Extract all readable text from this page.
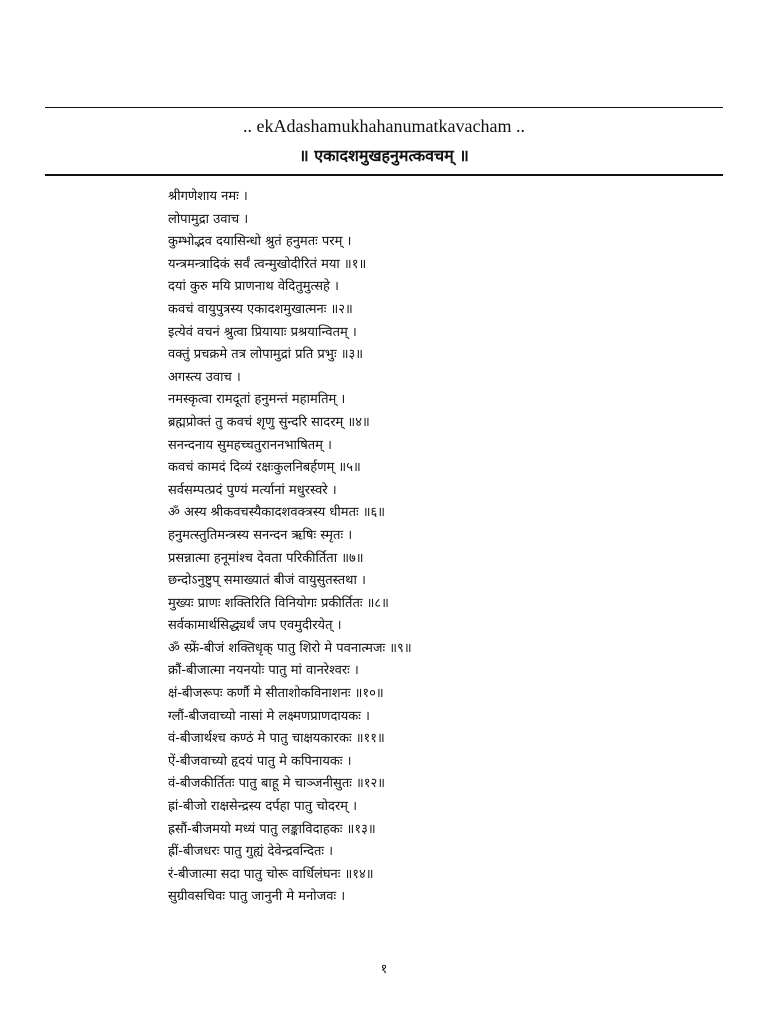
.. ekAdashamukhahanumatkavacham ..
॥ एकादशमुखहनुमत्कवचम् ॥
श्रीगणेशाय नमः ।
लोपामुद्रा उवाच ।
कुम्भोद्भव दयासिन्धो श्रुतं हनुमतः परम् ।
यन्त्रमन्त्रादिकं सर्वं त्वन्मुखोदीरितं मया ॥१॥
दयां कुरु मयि प्राणनाथ वेदितुमुत्सहे ।
कवचं वायुपुत्रस्य एकादशमुखात्मनः ॥२॥
इत्येवं वचनं श्रुत्वा प्रियायाः प्रश्रयान्वितम् ।
वक्तुं प्रचक्रमे तत्र लोपामुद्रां प्रति प्रभुः ॥३॥
अगस्त्य उवाच ।
नमस्कृत्वा रामदूतां हनुमन्तं महामतिम् ।
ब्रह्मप्रोक्तं तु कवचं श‍ृणु सुन्दरि सादरम् ॥४॥
सनन्दनाय सुमहच्चतुराननभाषितम् ।
कवचं कामदं दिव्यं रक्षःकुलनिबर्हणम् ॥५॥
सर्वसम्पत्प्रदं पुण्यं मर्त्यानां मधुरस्वरे ।
ॐ अस्य श्रीकवचस्यैकादशवक्त्रस्य धीमतः ॥६॥
हनुमत्स्तुतिमन्त्रस्य सनन्दन ऋषिः स्मृतः ।
प्रसन्नात्मा हनूमांश्च देवता परिकीर्तिता ॥७॥
छन्दोऽनुष्टुप् समाख्यातं बीजं वायुसुतस्तथा ।
मुख्यः प्राणः शक्तिरिति विनियोगः प्रकीर्तितः ॥८॥
सर्वकामार्थसिद्ध्यर्थं जप एवमुदीरयेत् ।
ॐ स्फ्रें-बीजं शक्तिधृक् पातु शिरो मे पवनात्मजः ॥९॥
क्रौं-बीजात्मा नयनयोः पातु मां वानरेश्वरः ।
क्षं-बीजरूपः कर्णौ मे सीताशोकविनाशनः ॥१०॥
ग्लौं-बीजवाच्यो नासां मे लक्ष्मणप्राणदायकः ।
वं-बीजार्थश्च कण्ठं मे पातु चाक्षयकारकः ॥११॥
ऐं-बीजवाच्यो हृदयं पातु मे कपिनायकः ।
वं-बीजकीर्तितः पातु बाहू मे चाञ्जनीसुतः ॥१२॥
ह्रां-बीजो राक्षसेन्द्रस्य दर्पहा पातु चोदरम् ।
ह्रसौं-बीजमयो मध्यं पातु लङ्काविदाहकः ॥१३॥
ह्रीं-बीजधरः पातु गुह्यं देवेन्द्रवन्दितः ।
रं-बीजात्मा सदा पातु चोरू वार्धिलंघनः ॥१४॥
सुग्रीवसचिवः पातु जानुनी मे मनोजवः ।
१
